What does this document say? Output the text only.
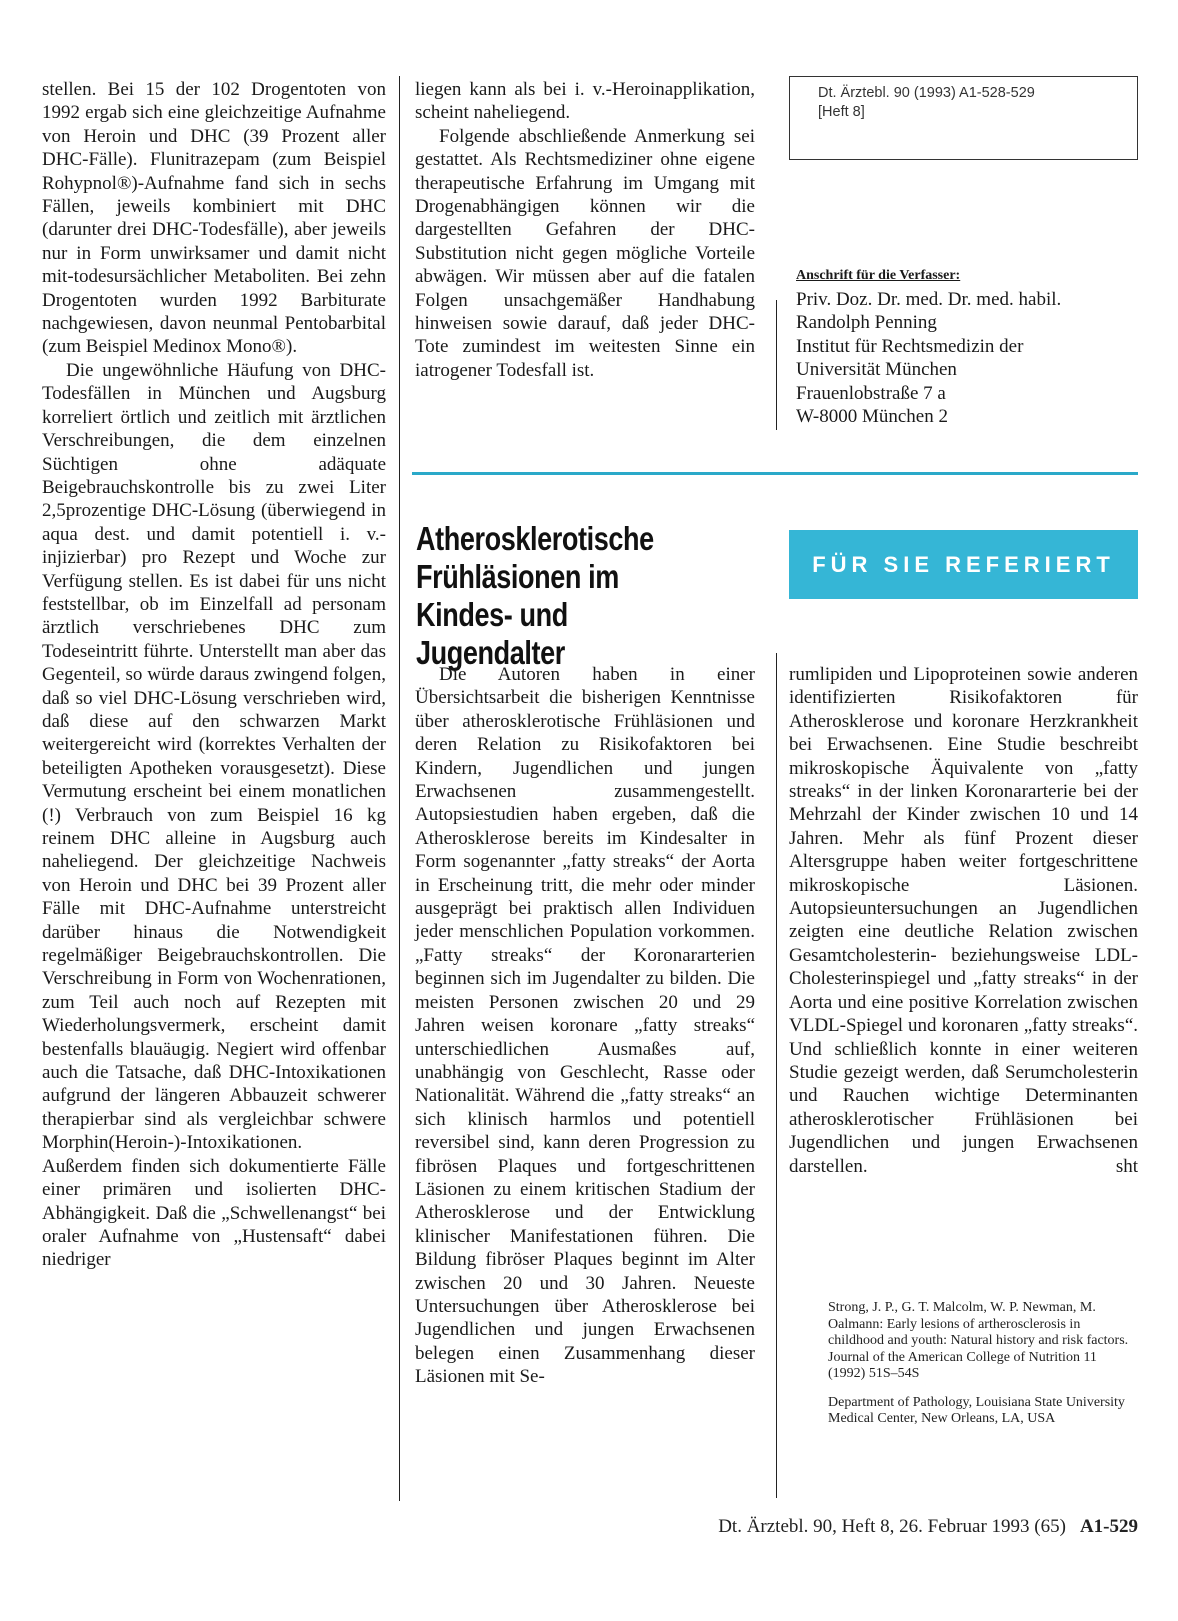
stellen. Bei 15 der 102 Drogentoten von 1992 ergab sich eine gleichzeitige Aufnahme von Heroin und DHC (39 Prozent aller DHC-Fälle). Flunitrazepam (zum Beispiel Rohypnol®)-Aufnahme fand sich in sechs Fällen, jeweils kombiniert mit DHC (darunter drei DHC-Todesfälle), aber jeweils nur in Form unwirksamer und damit nicht mit-todesursächlicher Metaboliten. Bei zehn Drogentoten wurden 1992 Barbiturate nachgewiesen, davon neunmal Pentobarbital (zum Beispiel Medinox Mono®).

Die ungewöhnliche Häufung von DHC-Todesfällen in München und Augsburg korreliert örtlich und zeitlich mit ärztlichen Verschreibungen, die dem einzelnen Süchtigen ohne adäquate Beigebrauchskontrolle bis zu zwei Liter 2,5prozentige DHC-Lösung (überwiegend in aqua dest. und damit potentiell i. v.-injizierbar) pro Rezept und Woche zur Verfügung stellen. Es ist dabei für uns nicht feststellbar, ob im Einzelfall ad personam ärztlich verschriebenes DHC zum Todeseintritt führte. Unterstellt man aber das Gegenteil, so würde daraus zwingend folgen, daß so viel DHC-Lösung verschrieben wird, daß diese auf den schwarzen Markt weitergereicht wird (korrektes Verhalten der beteiligten Apotheken vorausgesetzt). Diese Vermutung erscheint bei einem monatlichen (!) Verbrauch von zum Beispiel 16 kg reinem DHC alleine in Augsburg auch naheliegend. Der gleichzeitige Nachweis von Heroin und DHC bei 39 Prozent aller Fälle mit DHC-Aufnahme unterstreicht darüber hinaus die Notwendigkeit regelmäßiger Beigebrauchskontrollen. Die Verschreibung in Form von Wochenrationen, zum Teil auch noch auf Rezepten mit Wiederholungsvermerk, erscheint damit bestenfalls blauäugig. Negiert wird offenbar auch die Tatsache, daß DHC-Intoxikationen aufgrund der längeren Abbauzeit schwerer therapierbar sind als vergleichbar schwere Morphin(Heroin-)-Intoxikationen. Außerdem finden sich dokumentierte Fälle einer primären und isolierten DHC-Abhängigkeit. Daß die „Schwellenangst“ bei oraler Aufnahme von „Hustensaft“ dabei niedriger

liegen kann als bei i. v.-Heroinapplikation, scheint naheliegend.

Folgende abschließende Anmerkung sei gestattet. Als Rechtsmediziner ohne eigene therapeutische Erfahrung im Umgang mit Drogenabhängigen können wir die dargestellten Gefahren der DHC-Substitution nicht gegen mögliche Vorteile abwägen. Wir müssen aber auf die fatalen Folgen unsachgemäßer Handhabung hinweisen sowie darauf, daß jeder DHC-Tote zumindest im weitesten Sinne ein iatrogener Todesfall ist.

Dt. Ärztebl. 90 (1993) A1-528-529
[Heft 8]
Anschrift für die Verfasser:
Priv. Doz. Dr. med. Dr. med. habil.
Randolph Penning
Institut für Rechtsmedizin der
Universität München
Frauenlobstraße 7 a
W-8000 München 2
Atherosklerotische
Frühläsionen im
Kindes- und Jugendalter
FÜR SIE REFERIERT

Die Autoren haben in einer Übersichtsarbeit die bisherigen Kenntnisse über atherosklerotische Frühläsionen und deren Relation zu Risikofaktoren bei Kindern, Jugendlichen und jungen Erwachsenen zusammengestellt. Autopsiestudien haben ergeben, daß die Atherosklerose bereits im Kindesalter in Form sogenannter „fatty streaks“ der Aorta in Erscheinung tritt, die mehr oder minder ausgeprägt bei praktisch allen Individuen jeder menschlichen Population vorkommen. „Fatty streaks“ der Koronararterien beginnen sich im Jugendalter zu bilden. Die meisten Personen zwischen 20 und 29 Jahren weisen koronare „fatty streaks“ unterschiedlichen Ausmaßes auf, unabhängig von Geschlecht, Rasse oder Nationalität. Während die „fatty streaks“ an sich klinisch harmlos und potentiell reversibel sind, kann deren Progression zu fibrösen Plaques und fortgeschrittenen Läsionen zu einem kritischen Stadium der Atherosklerose und der Entwicklung klinischer Manifestationen führen. Die Bildung fibröser Plaques beginnt im Alter zwischen 20 und 30 Jahren. Neueste Untersuchungen über Atherosklerose bei Jugendlichen und jungen Erwachsenen belegen einen Zusammenhang dieser Läsionen mit Se-

rumlipiden und Lipoproteinen sowie anderen identifizierten Risikofaktoren für Atherosklerose und koronare Herzkrankheit bei Erwachsenen. Eine Studie beschreibt mikroskopische Äquivalente von „fatty streaks“ in der linken Koronararterie bei der Mehrzahl der Kinder zwischen 10 und 14 Jahren. Mehr als fünf Prozent dieser Altersgruppe haben weiter fortgeschrittene mikroskopische Läsionen. Autopsieuntersuchungen an Jugendlichen zeigten eine deutliche Relation zwischen Gesamtcholesterin- beziehungsweise LDL-Cholesterinspiegel und „fatty streaks“ in der Aorta und eine positive Korrelation zwischen VLDL-Spiegel und koronaren „fatty streaks“. Und schließlich konnte in einer weiteren Studie gezeigt werden, daß Serumcholesterin und Rauchen wichtige Determinanten atherosklerotischer Frühläsionen bei Jugendlichen und jungen Erwachsenen darstellen.	sht

Strong, J. P., G. T. Malcolm, W. P. Newman, M. Oalmann: Early lesions of artherosclerosis in childhood and youth: Natural history and risk factors. Journal of the American College of Nutrition 11 (1992) 51S–54S

Department of Pathology, Louisiana State University Medical Center, New Orleans, LA, USA

Dt. Ärztebl. 90, Heft 8, 26. Februar 1993 (65) A1-529
